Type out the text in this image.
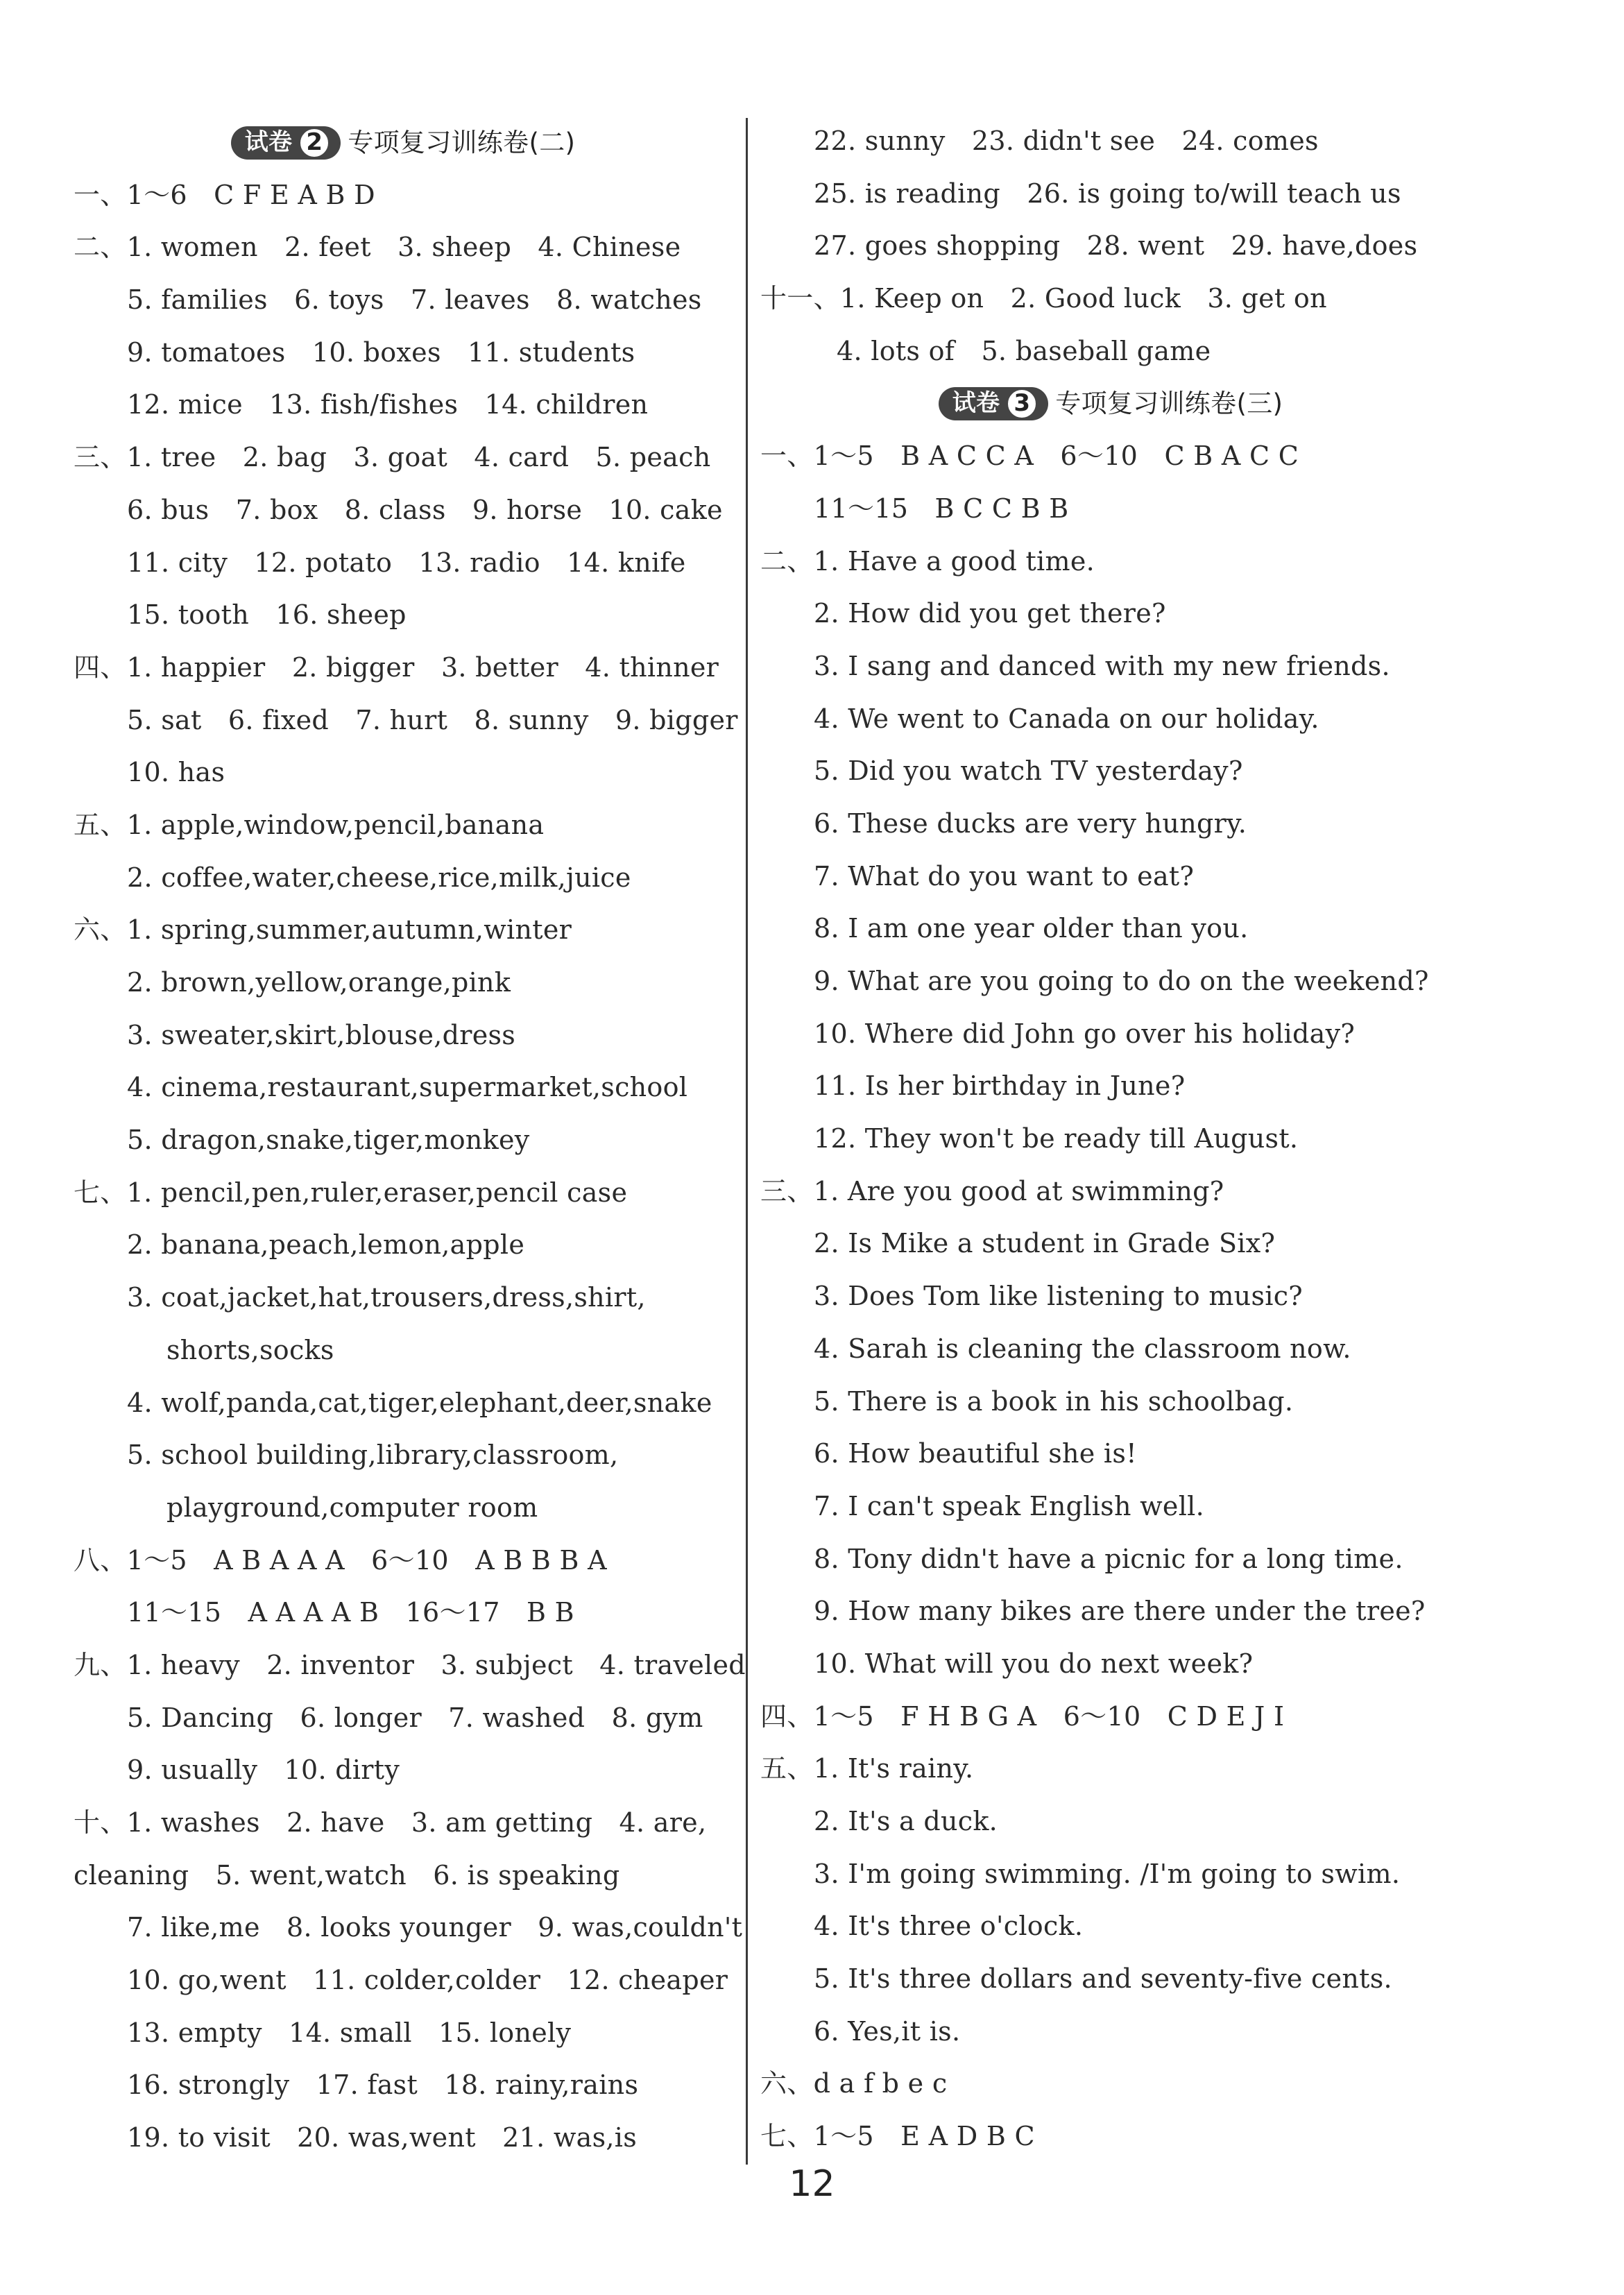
试卷 2 专项复习训练卷(二)
一、1～6　C F E A B D
二、1. women　2. feet　3. sheep　4. Chinese
5. families　6. toys　7. leaves　8. watches
9. tomatoes　10. boxes　11. students
12. mice　13. fish/fishes　14. children
三、1. tree　2. bag　3. goat　4. card　5. peach
6. bus　7. box　8. class　9. horse　10. cake
11. city　12. potato　13. radio　14. knife
15. tooth　16. sheep
四、1. happier　2. bigger　3. better　4. thinner
5. sat　6. fixed　7. hurt　8. sunny　9. bigger
10. has
五、1. apple,window,pencil,banana
2. coffee,water,cheese,rice,milk,juice
六、1. spring,summer,autumn,winter
2. brown,yellow,orange,pink
3. sweater,skirt,blouse,dress
4. cinema,restaurant,supermarket,school
5. dragon,snake,tiger,monkey
七、1. pencil,pen,ruler,eraser,pencil case
2. banana,peach,lemon,apple
3. coat,jacket,hat,trousers,dress,shirt,
shorts,socks
4. wolf,panda,cat,tiger,elephant,deer,snake
5. school building,library,classroom,
playground,computer room
八、1～5　A B A A A　6～10　A B B B A
11～15　A A A A B　16～17　B B
九、1. heavy　2. inventor　3. subject　4. traveled
5. Dancing　6. longer　7. washed　8. gym
9. usually　10. dirty
十、1. washes　2. have　3. am getting　4. are,
cleaning　5. went,watch　6. is speaking
7. like,me　8. looks younger　9. was,couldn't
10. go,went　11. colder,colder　12. cheaper
13. empty　14. small　15. lonely
16. strongly　17. fast　18. rainy,rains
19. to visit　20. was,went　21. was,is
22. sunny　23. didn't see　24. comes
25. is reading　26. is going to/will teach us
27. goes shopping　28. went　29. have,does
十一、1. Keep on　2. Good luck　3. get on
4. lots of　5. baseball game
试卷 3 专项复习训练卷(三)
一、1～5　B A C C A　6～10　C B A C C
11～15　B C C B B
二、1. Have a good time.
2. How did you get there?
3. I sang and danced with my new friends.
4. We went to Canada on our holiday.
5. Did you watch TV yesterday?
6. These ducks are very hungry.
7. What do you want to eat?
8. I am one year older than you.
9. What are you going to do on the weekend?
10. Where did John go over his holiday?
11. Is her birthday in June?
12. They won't be ready till August.
三、1. Are you good at swimming?
2. Is Mike a student in Grade Six?
3. Does Tom like listening to music?
4. Sarah is cleaning the classroom now.
5. There is a book in his schoolbag.
6. How beautiful she is!
7. I can't speak English well.
8. Tony didn't have a picnic for a long time.
9. How many bikes are there under the tree?
10. What will you do next week?
四、1～5　F H B G A　6～10　C D E J I
五、1. It's rainy.
2. It's a duck.
3. I'm going swimming. /I'm going to swim.
4. It's three o'clock.
5. It's three dollars and seventy-five cents.
6. Yes,it is.
六、d a f b e c
七、1～5　E A D B C
12
